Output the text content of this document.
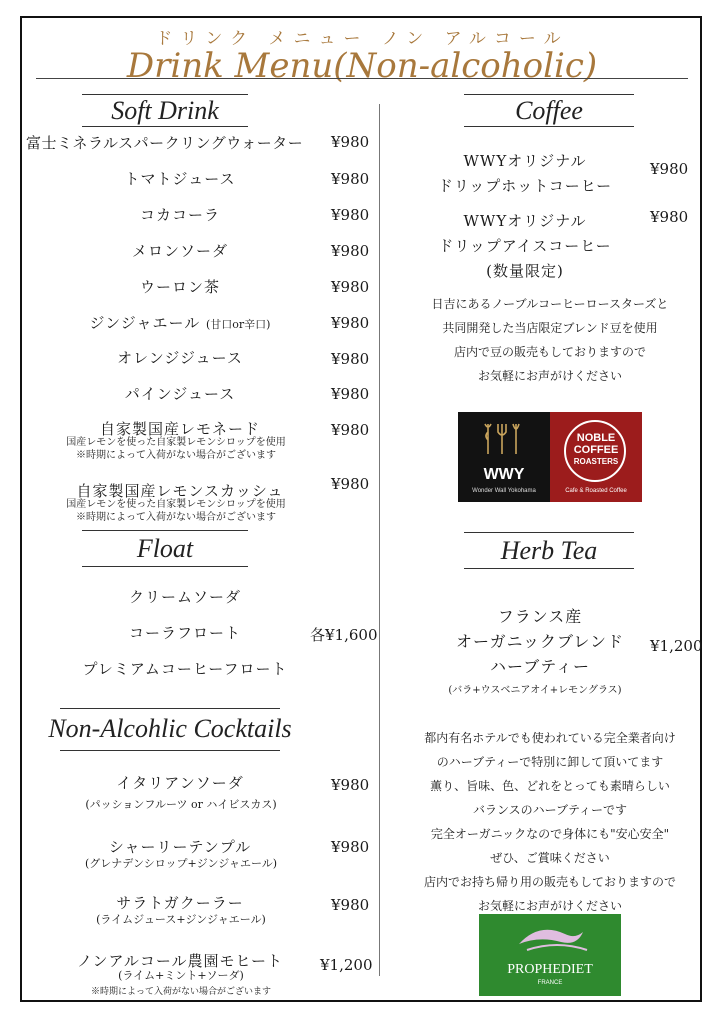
ドリンク メニュー ノン アルコール
Drink Menu(Non-alcoholic)
Soft Drink
富士ミネラルスパークリングウォーター	¥980
トマトジュース	¥980
コカコーラ	¥980
メロンソーダ	¥980
ウーロン茶	¥980
ジンジャエール (甘口or辛口)	¥980
オレンジジュース	¥980
パインジュース	¥980
自家製国産レモネード	¥980
国産レモンを使った自家製レモンシロップを使用
※時期によって入荷がない場合がございます
自家製国産レモンスカッシュ	¥980
国産レモンを使った自家製レモンシロップを使用
※時期によって入荷がない場合がございます
Float
クリームソーダ
コーラフロート
プレミアムコーヒーフロート
各¥1,600
Non-Alcohlic Cocktails
イタリアンソーダ
(パッションフルーツ or ハイビスカス)
¥980
シャーリーテンプル
(グレナデンシロップ+ジンジャエール)
¥980
サラトガクーラー
(ライムジュース+ジンジャエール)
¥980
ノンアルコール農園モヒート
(ライム+ミント+ソーダ)
※時期によって入荷がない場合がございます
¥1,200
Coffee
WWYオリジナル
ドリップホットコーヒー
¥980
WWYオリジナル
ドリップアイスコーヒー
(数量限定)
¥980
日吉にあるノーブルコーヒーロースターズと
共同開発した当店限定ブレンド豆を使用
店内で豆の販売もしておりますので
お気軽にお声がけください
WWY
Wonder Wall Yokohama
NOBLE
COFFEE
ROASTERS
Cafe & Roasted Coffee
Herb Tea
フランス産
オーガニックブレンド
ハーブティー
¥1,200
(バラ+ウスベニアオイ+レモングラス)
都内有名ホテルでも使われている完全業者向け
のハーブティーで特別に卸して頂いてます
薫り、旨味、色、どれをとっても素晴らしい
バランスのハーブティーです
完全オーガニックなので身体にも"安心安全"
ぜひ、ご賞味ください
店内でお持ち帰り用の販売もしておりますので
お気軽にお声がけください
PROPHEDIET
FRANCE
